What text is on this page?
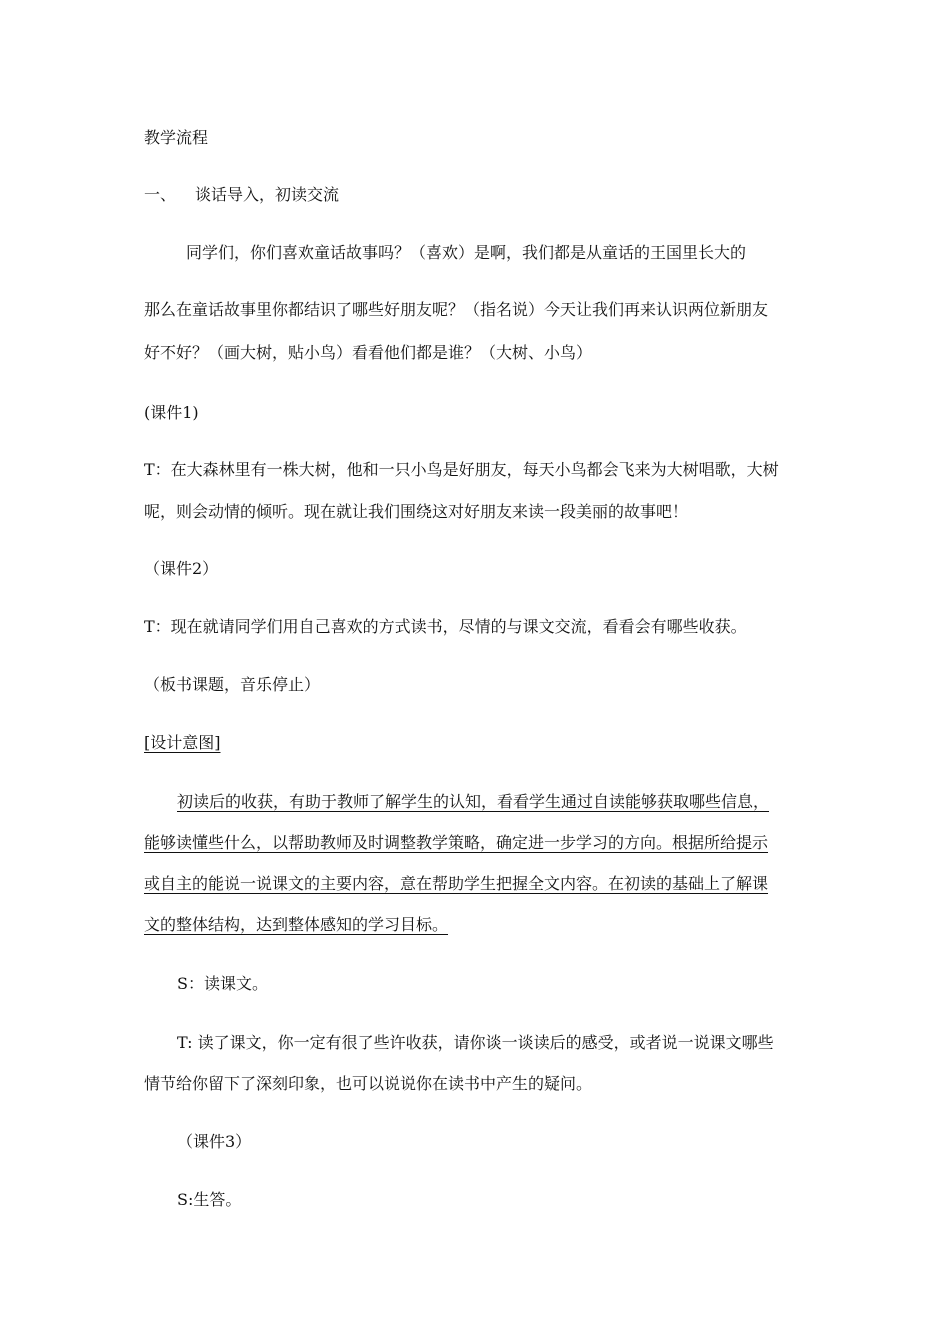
教学流程
一、 谈话导入，初读交流
同学们，你们喜欢童话故事吗？（喜欢）是啊，我们都是从童话的王国里长大的
那么在童话故事里你都结识了哪些好朋友呢？（指名说）今天让我们再来认识两位新朋友
好不好？（画大树，贴小鸟）看看他们都是谁？（大树、小鸟）
(课件1)
T：在大森林里有一株大树，他和一只小鸟是好朋友，每天小鸟都会飞来为大树唱歌，大树
呢，则会动情的倾听。现在就让我们围绕这对好朋友来读一段美丽的故事吧！
（课件2）
T：现在就请同学们用自己喜欢的方式读书，尽情的与课文交流，看看会有哪些收获。
（板书课题，音乐停止）
[设计意图]
初读后的收获，有助于教师了解学生的认知，看看学生通过自读能够获取哪些信息，
能够读懂些什么，以帮助教师及时调整教学策略，确定进一步学习的方向。根据所给提示
或自主的能说一说课文的主要内容，意在帮助学生把握全文内容。在初读的基础上了解课
文的整体结构，达到整体感知的学习目标。
S：读课文。
T: 读了课文，你一定有很了些许收获，请你谈一谈读后的感受，或者说一说课文哪些
情节给你留下了深刻印象，也可以说说你在读书中产生的疑问。
（课件3）
S:生答。
